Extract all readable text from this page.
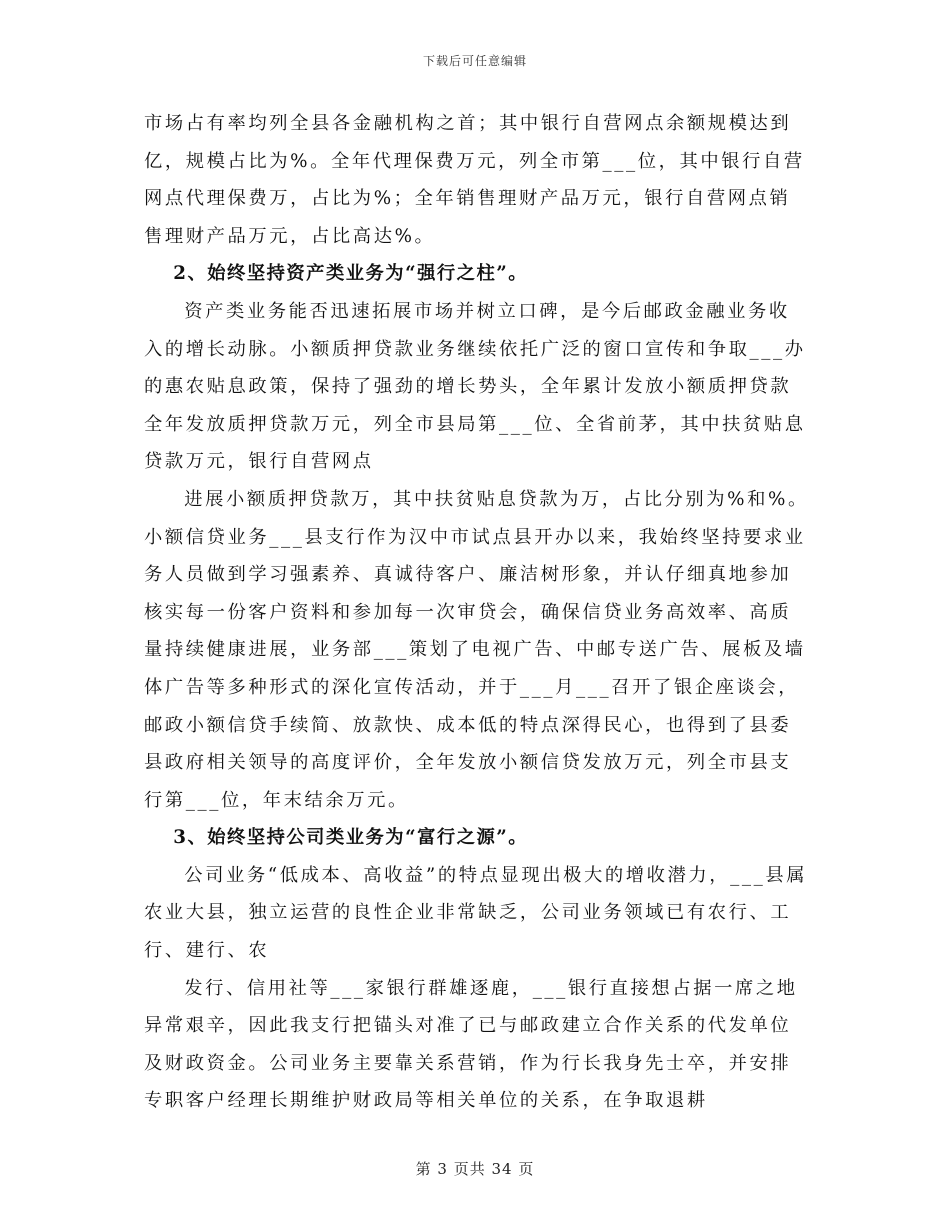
下载后可任意编辑

市场占有率均列全县各金融机构之首；其中银行自营网点余额规模达到亿，规模占比为%。全年代理保费万元，列全市第___位，其中银行自营网点代理保费万，占比为%；全年销售理财产品万元，银行自营网点销售理财产品万元，占比高达%。

2、始终坚持资产类业务为“强行之柱”。

资产类业务能否迅速拓展市场并树立口碑，是今后邮政金融业务收入的增长动脉。小额质押贷款业务继续依托广泛的窗口宣传和争取___办的惠农贴息政策，保持了强劲的增长势头，全年累计发放小额质押贷款全年发放质押贷款万元，列全市县局第___位、全省前茅，其中扶贫贴息贷款万元，银行自营网点

进展小额质押贷款万，其中扶贫贴息贷款为万，占比分别为%和%。小额信贷业务___县支行作为汉中市试点县开办以来，我始终坚持要求业务人员做到学习强素养、真诚待客户、廉洁树形象，并认仔细真地参加核实每一份客户资料和参加每一次审贷会，确保信贷业务高效率、高质量持续健康进展，业务部___策划了电视广告、中邮专送广告、展板及墙体广告等多种形式的深化宣传活动，并于___月___召开了银企座谈会，邮政小额信贷手续简、放款快、成本低的特点深得民心，也得到了县委县政府相关领导的高度评价，全年发放小额信贷发放万元，列全市县支行第___位，年末结余万元。

3、始终坚持公司类业务为“富行之源”。

公司业务“低成本、高收益”的特点显现出极大的增收潜力，___县属农业大县，独立运营的良性企业非常缺乏，公司业务领域已有农行、工行、建行、农

发行、信用社等___家银行群雄逐鹿，___银行直接想占据一席之地异常艰辛，因此我支行把锚头对准了已与邮政建立合作关系的代发单位及财政资金。公司业务主要靠关系营销，作为行长我身先士卒，并安排专职客户经理长期维护财政局等相关单位的关系，在争取退耕

第 3 页共 34 页
